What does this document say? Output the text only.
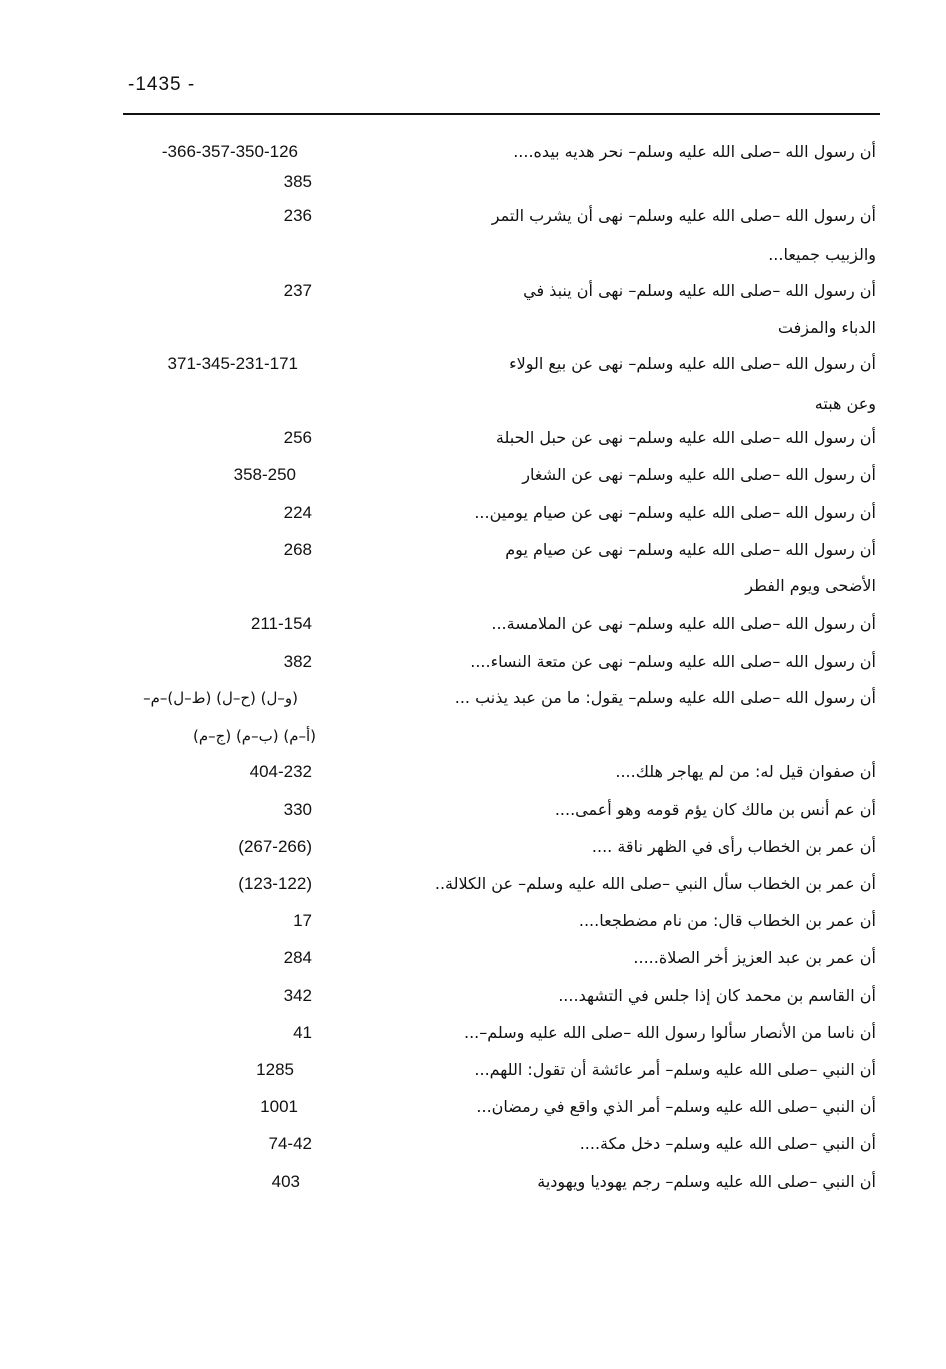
-1435 -
أن رسول الله –صلى الله عليه وسلم– نحر هديه بيده....
-366-357-350-126
385
أن رسول الله –صلى الله عليه وسلم– نهى أن يشرب التمر
236
والزبيب جميعا...
أن رسول الله –صلى الله عليه وسلم– نهى أن ينبذ في
237
الدباء والمزفت
أن رسول الله –صلى الله عليه وسلم– نهى عن بيع الولاء
371-345-231-171
وعن هبته
أن رسول الله –صلى الله عليه وسلم– نهى عن حبل الحبلة
256
أن رسول الله –صلى الله عليه وسلم– نهى عن الشغار
358-250
أن رسول الله –صلى الله عليه وسلم– نهى عن صيام يومين...
224
أن رسول الله –صلى الله عليه وسلم– نهى عن صيام يوم
268
الأضحى ويوم الفطر
أن رسول الله –صلى الله عليه وسلم– نهى عن الملامسة...
211-154
أن رسول الله –صلى الله عليه وسلم– نهى عن متعة النساء....
382
أن رسول الله –صلى الله عليه وسلم– يقول: ما من عبد يذنب ...
(و–ل) (ح–ل) (ط–ل)–م–
(أ–م) (ب–م) (ج–م)
أن صفوان قيل له: من لم يهاجر هلك....
404-232
أن عم أنس بن مالك كان يؤم قومه وهو أعمى....
330
أن عمر بن الخطاب رأى في الظهر ناقة ....
(267-266)
أن عمر بن الخطاب سأل النبي –صلى الله عليه وسلم– عن الكلالة..
(123-122)
أن عمر بن الخطاب قال: من نام مضطجعا....
17
أن عمر بن عبد العزيز أخر الصلاة.....
284
أن القاسم بن محمد كان إذا جلس في التشهد....
342
أن ناسا من الأنصار سألوا رسول الله –صلى الله عليه وسلم–...
41
أن النبي –صلى الله عليه وسلم– أمر عائشة أن تقول: اللهم...
1285
أن النبي –صلى الله عليه وسلم– أمر الذي واقع في رمضان...
1001
أن النبي –صلى الله عليه وسلم– دخل مكة....
74-42
أن النبي –صلى الله عليه وسلم– رجم يهوديا ويهودية
403
